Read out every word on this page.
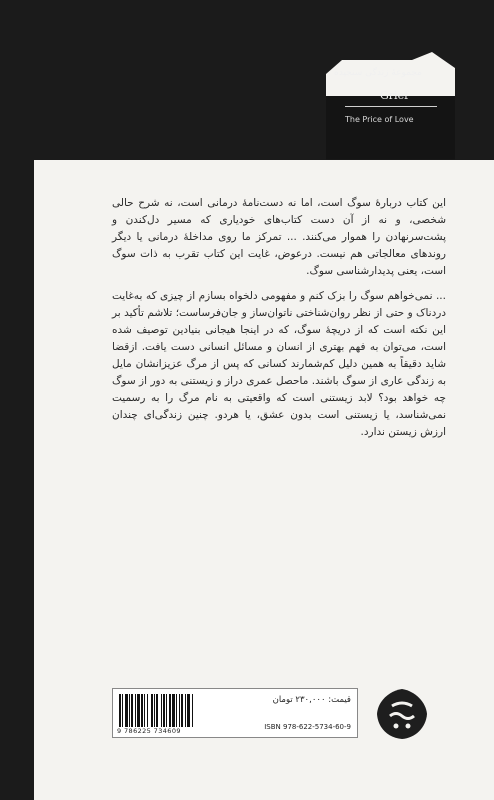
مجموعهٔ زندگی سنجیده
Grief
The Price of Love

این کتاب دربارهٔ سوگ است، اما نه دست‌نامهٔ درمانی است، نه شرح حالی شخصی، و نه از آن دست کتاب‌های خودیاری که مسیر دل‌کندن و پشت‌سرنهادن را هموار می‌کنند. ... تمرکز ما روی مداخلهٔ درمانی یا دیگر روندهای معالجاتی هم نیست. درعوض، غایت این کتاب تقرب به ذات سوگ است، یعنی پدیدارشناسی سوگ.

... نمی‌خواهم سوگ را بزک کنم و مفهومی دلخواه بسازم از چیزی که به‌غایت دردناک و حتی از نظر روان‌شناختی ناتوان‌ساز و جان‌فرساست؛ تلاشم تأکید بر این نکته است که از دریچهٔ سوگ، که در اینجا هیجانی بنیادین توصیف شده است، می‌توان به فهم بهتری از انسان و مسائل انسانی دست یافت. ازقضا شاید دقیقاً به همین دلیل کم‌شمارند کسانی که پس از مرگ عزیزانشان مایل به زندگی عاری از سوگ باشند. ماحصل عمری دراز و زیستنی به دور از سوگ چه خواهد بود؟ لابد زیستنی است که واقعیتی به نام مرگ را به رسمیت نمی‌شناسد، یا زیستنی است بدون عشق، یا هردو. چنین زندگی‌ای چندان ارزش زیستن ندارد.

9 786225 734609
قیمت: ۲۳۰,۰۰۰ تومان
ISBN 978-622-5734-60-9
